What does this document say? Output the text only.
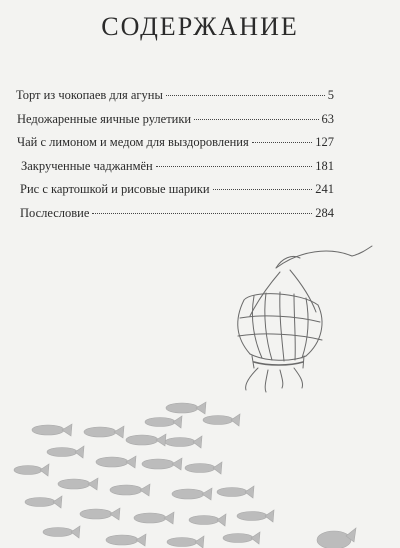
СОДЕРЖАНИЕ
Торт из чокопаев для агуны	5
Недожаренные яичные рулетики	63
Чай с лимоном и медом для выздоровления	127
Закрученные чаджанмён	181
Рис с картошкой и рисовые шарики	241
Послесловие	284
